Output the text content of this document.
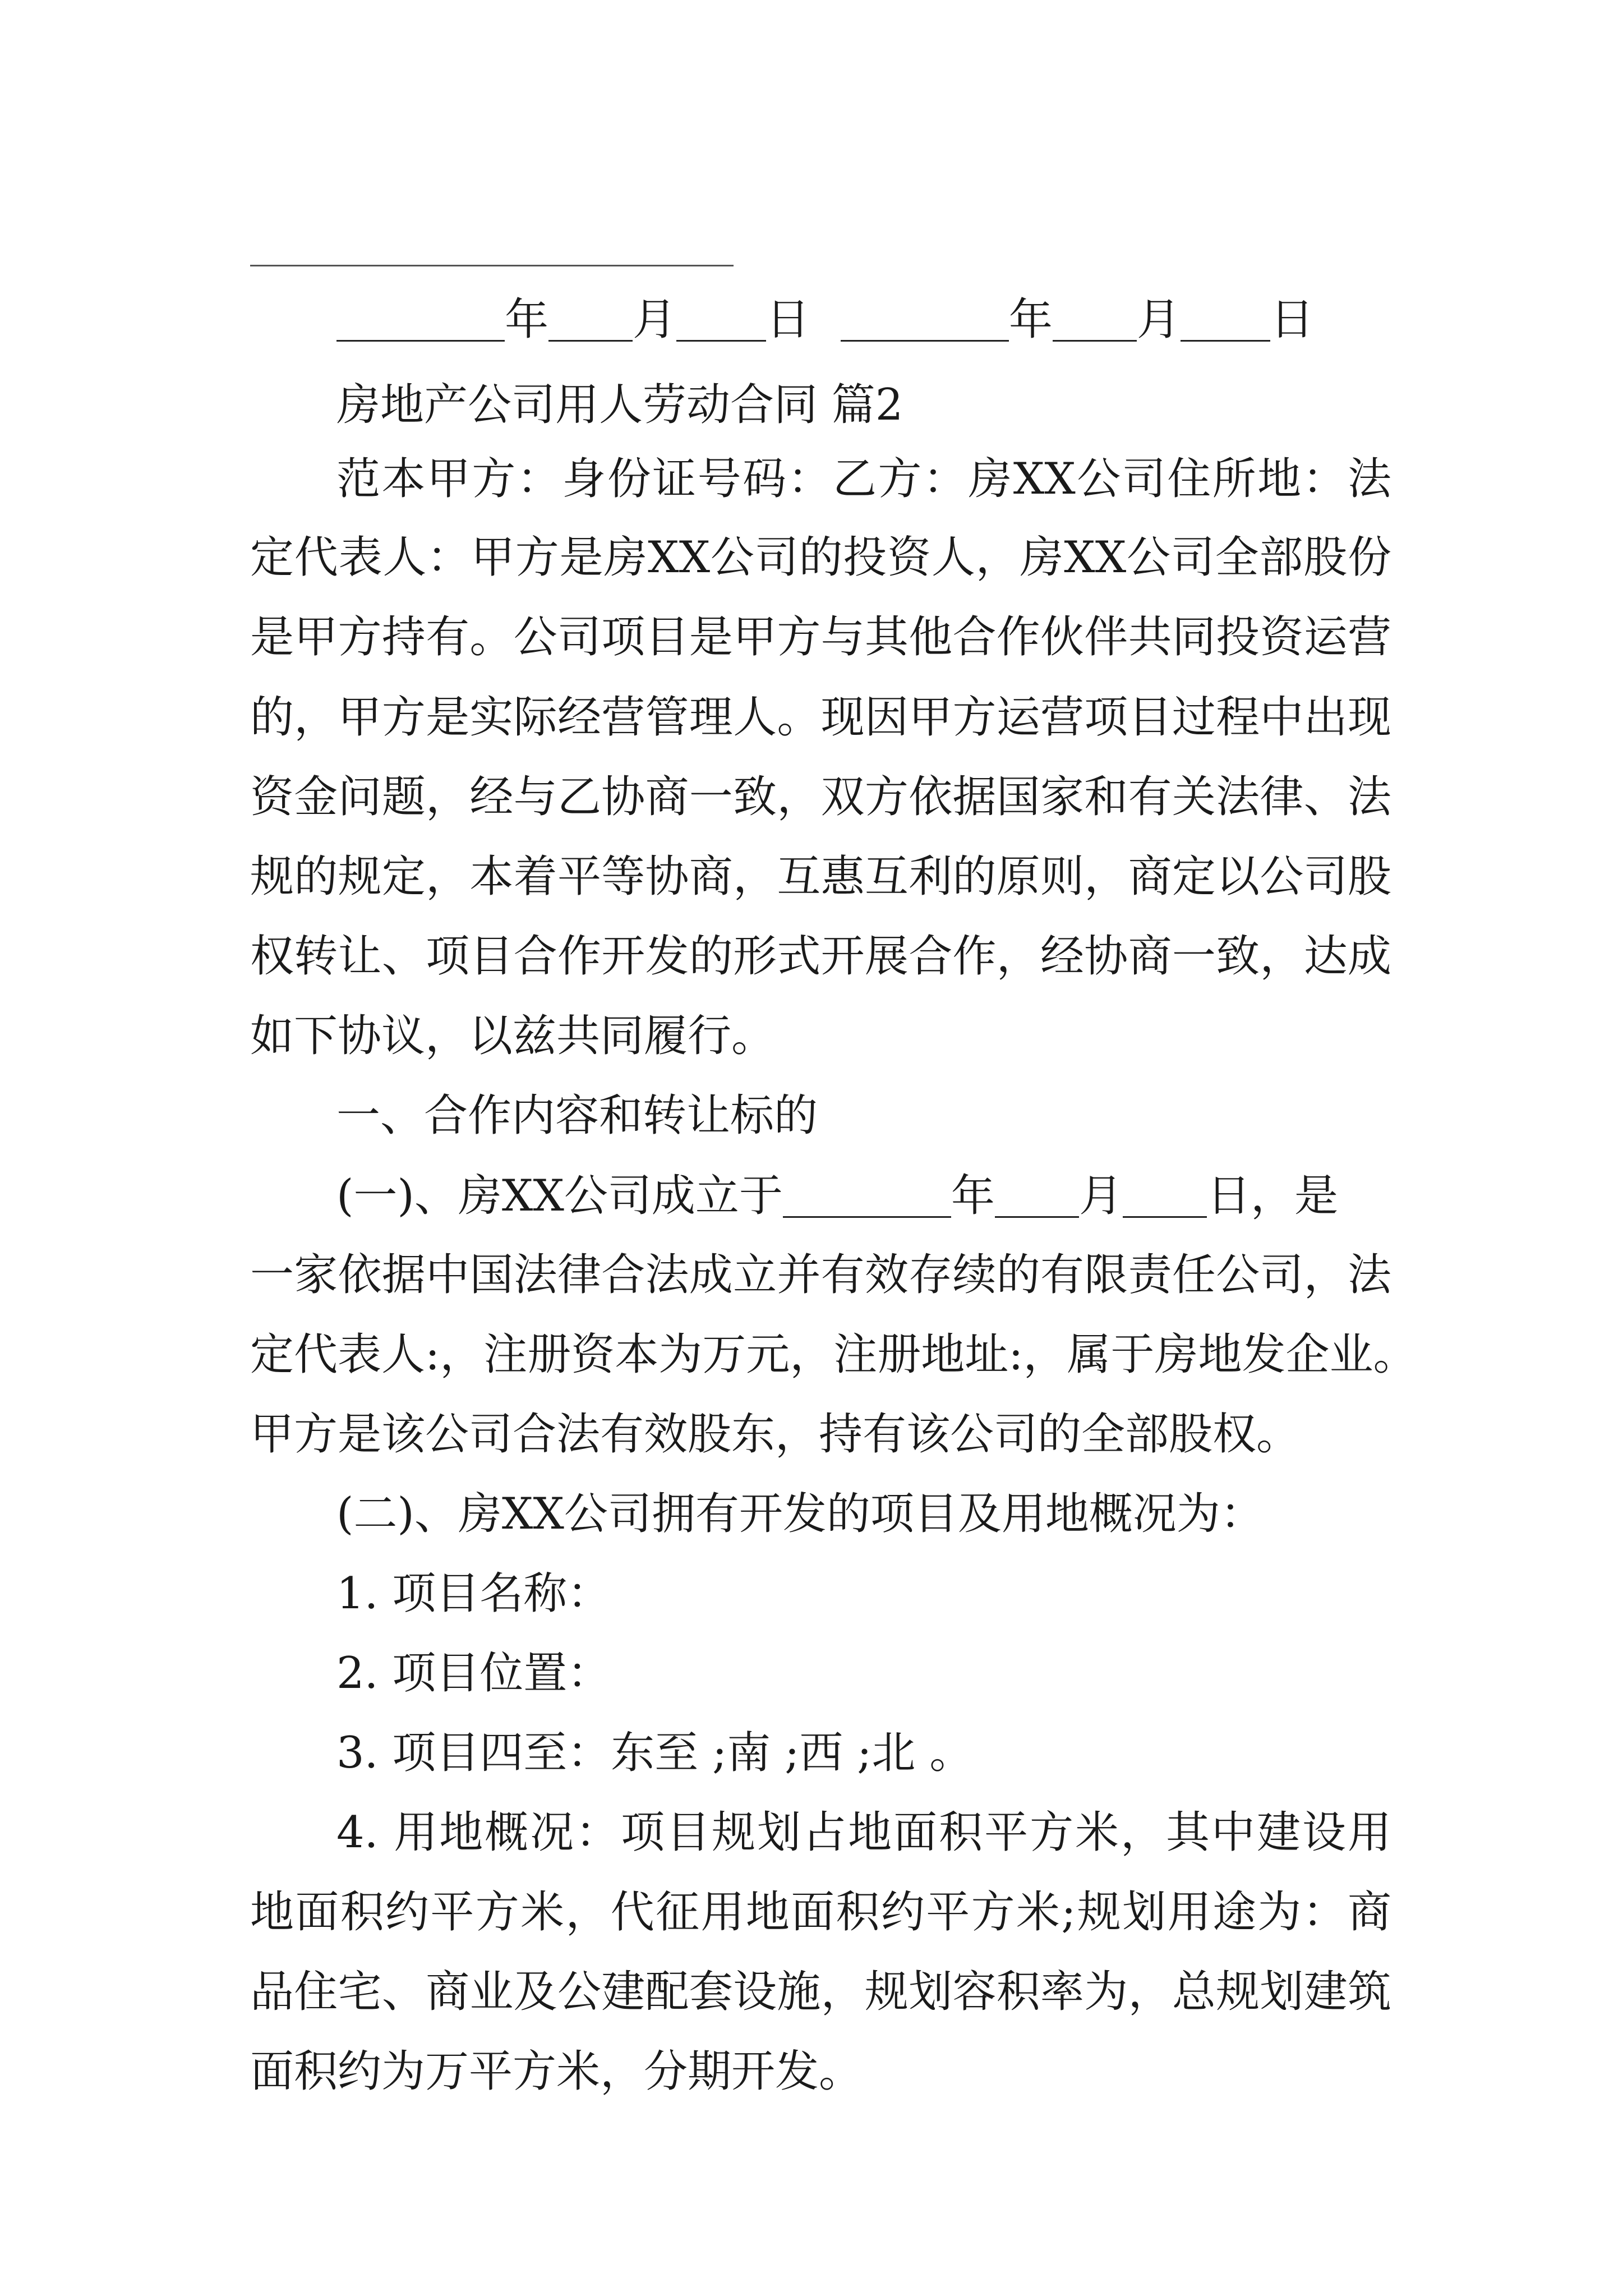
年 月 日	年 月 日
房地产公司用人劳动合同 篇2
范本甲方：身份证号码：乙方：房XX公司住所地：法
定代表人：甲方是房XX公司的投资人，房XX公司全部股份
是甲方持有。公司项目是甲方与其他合作伙伴共同投资运营
的，甲方是实际经营管理人。现因甲方运营项目过程中出现
资金问题，经与乙协商一致，双方依据国家和有关法律、法
规的规定，本着平等协商，互惠互利的原则，商定以公司股
权转让、项目合作开发的形式开展合作，经协商一致，达成
如下协议，以兹共同履行。
一、合作内容和转让标的
(一)、房XX公司成立于	年 月 日，是
一家依据中国法律合法成立并有效存续的有限责任公司，法
定代表人:，注册资本为万元，注册地址:，属于房地发企业。
甲方是该公司合法有效股东，持有该公司的全部股权。
(二)、房XX公司拥有开发的项目及用地概况为：
1. 项目名称：
2. 项目位置：
3. 项目四至：东至 ;南 ;西 ;北 。
4. 用地概况：项目规划占地面积平方米，其中建设用
地面积约平方米，代征用地面积约平方米;规划用途为：商
品住宅、商业及公建配套设施，规划容积率为，总规划建筑
面积约为万平方米，分期开发。
